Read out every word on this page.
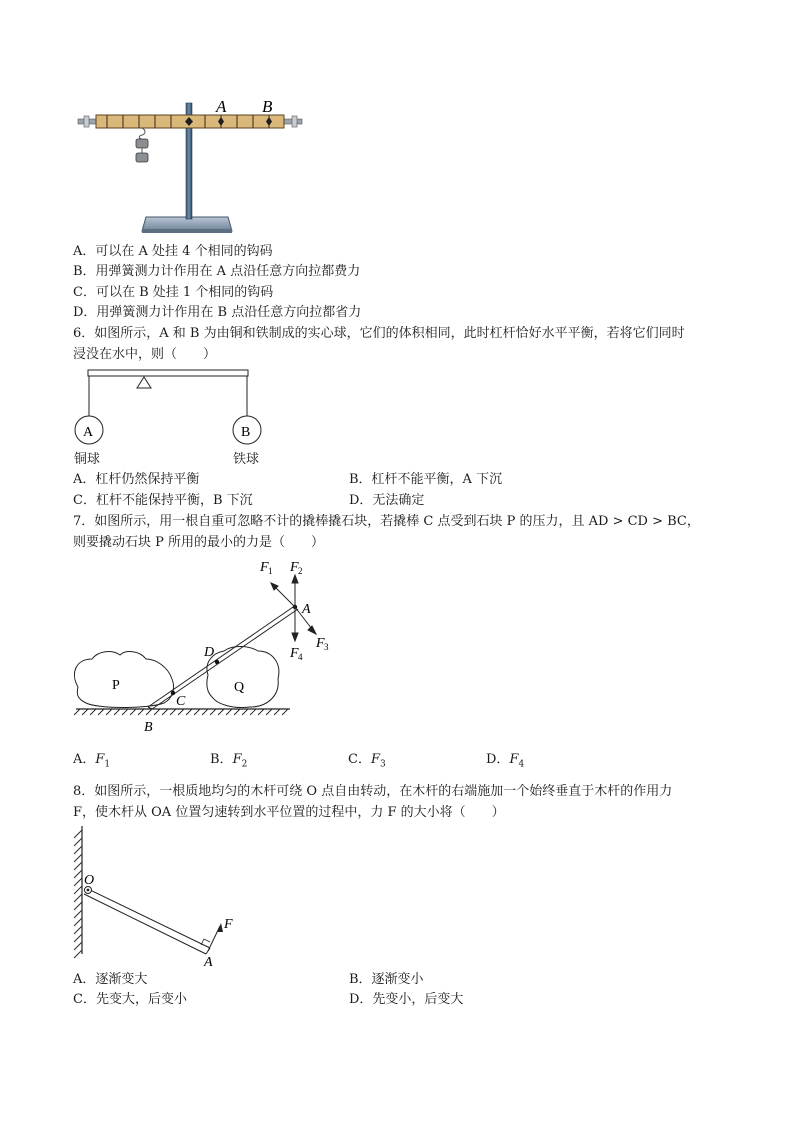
A B
A．可以在 A 处挂 4 个相同的钩码
B．用弹簧测力计作用在 A 点沿任意方向拉都费力
C．可以在 B 处挂 1 个相同的钩码
D．用弹簧测力计作用在 B 点沿任意方向拉都省力
6．如图所示，A 和 B 为由铜和铁制成的实心球，它们的体积相同，此时杠杆恰好水平平衡，若将它们同时
浸没在水中，则（　　）
A	B
铜球	铁球
A．杠杆仍然保持平衡	B．杠杆不能平衡，A 下沉
C．杠杆不能保持平衡，B 下沉	D．无法确定
7．如图所示，用一根自重可忽略不计的撬棒撬石块，若撬棒 C 点受到石块 P 的压力，且 AD > CD > BC，
则要撬动石块 P 所用的最小的力是（　　）
F 1 F 2
A
F 3
F 4
D
C
B
P	Q
A．$F_1$	B．$F_2$	C．$F_3$	D．$F_4$
8．如图所示，一根质地均匀的木杆可绕 O 点自由转动，在木杆的右端施加一个始终垂直于木杆的作用力
F，使木杆从 OA 位置匀速转到水平位置的过程中，力 F 的大小将（　　）
O
A
F
A．逐渐变大	B．逐渐变小
C．先变大，后变小	D．先变小，后变大
